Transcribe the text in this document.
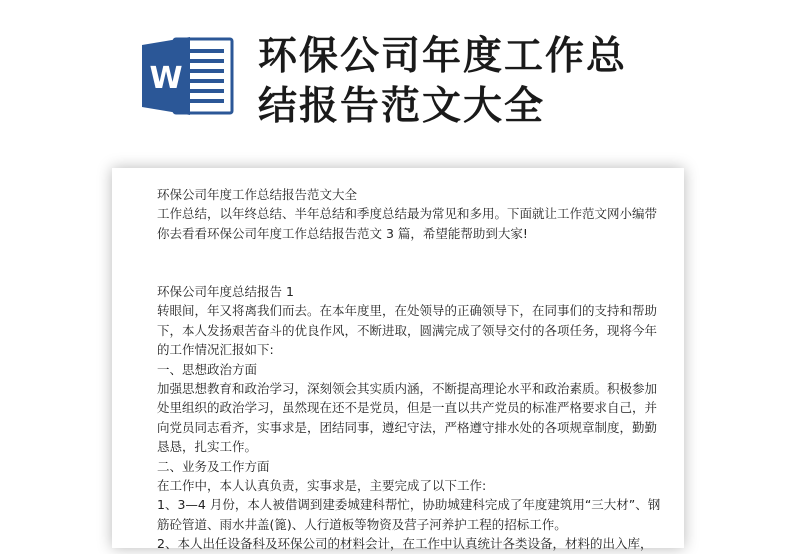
W 环保公司年度工作总
结报告范文大全

环保公司年度工作总结报告范文大全

工作总结，以年终总结、半年总结和季度总结最为常见和多用。下面就让工作范文网小编带

你去看看环保公司年度工作总结报告范文 3 篇，希望能帮助到大家!

环保公司年度总结报告 1

转眼间，年又将离我们而去。在本年度里，在处领导的正确领导下，在同事们的支持和帮助

下，本人发扬艰苦奋斗的优良作风，不断进取，圆满完成了领导交付的各项任务，现将今年

的工作情况汇报如下:

一、思想政治方面

加强思想教育和政治学习，深刻领会其实质内涵，不断提高理论水平和政治素质。积极参加

处里组织的政治学习，虽然现在还不是党员，但是一直以共产党员的标准严格要求自己，并

向党员同志看齐，实事求是，团结同事，遵纪守法，严格遵守排水处的各项规章制度，勤勤

恳恳，扎实工作。

二、业务及工作方面

在工作中，本人认真负责，实事求是，主要完成了以下工作:

1、3—4 月份，本人被借调到建委城建科帮忙，协助城建科完成了年度建筑用“三大材”、钢

筋砼管道、雨水井盖(篦)、人行道板等物资及营子河养护工程的招标工作。

2、本人出任设备科及环保公司的材料会计，在工作中认真统计各类设备，材料的出入库，
